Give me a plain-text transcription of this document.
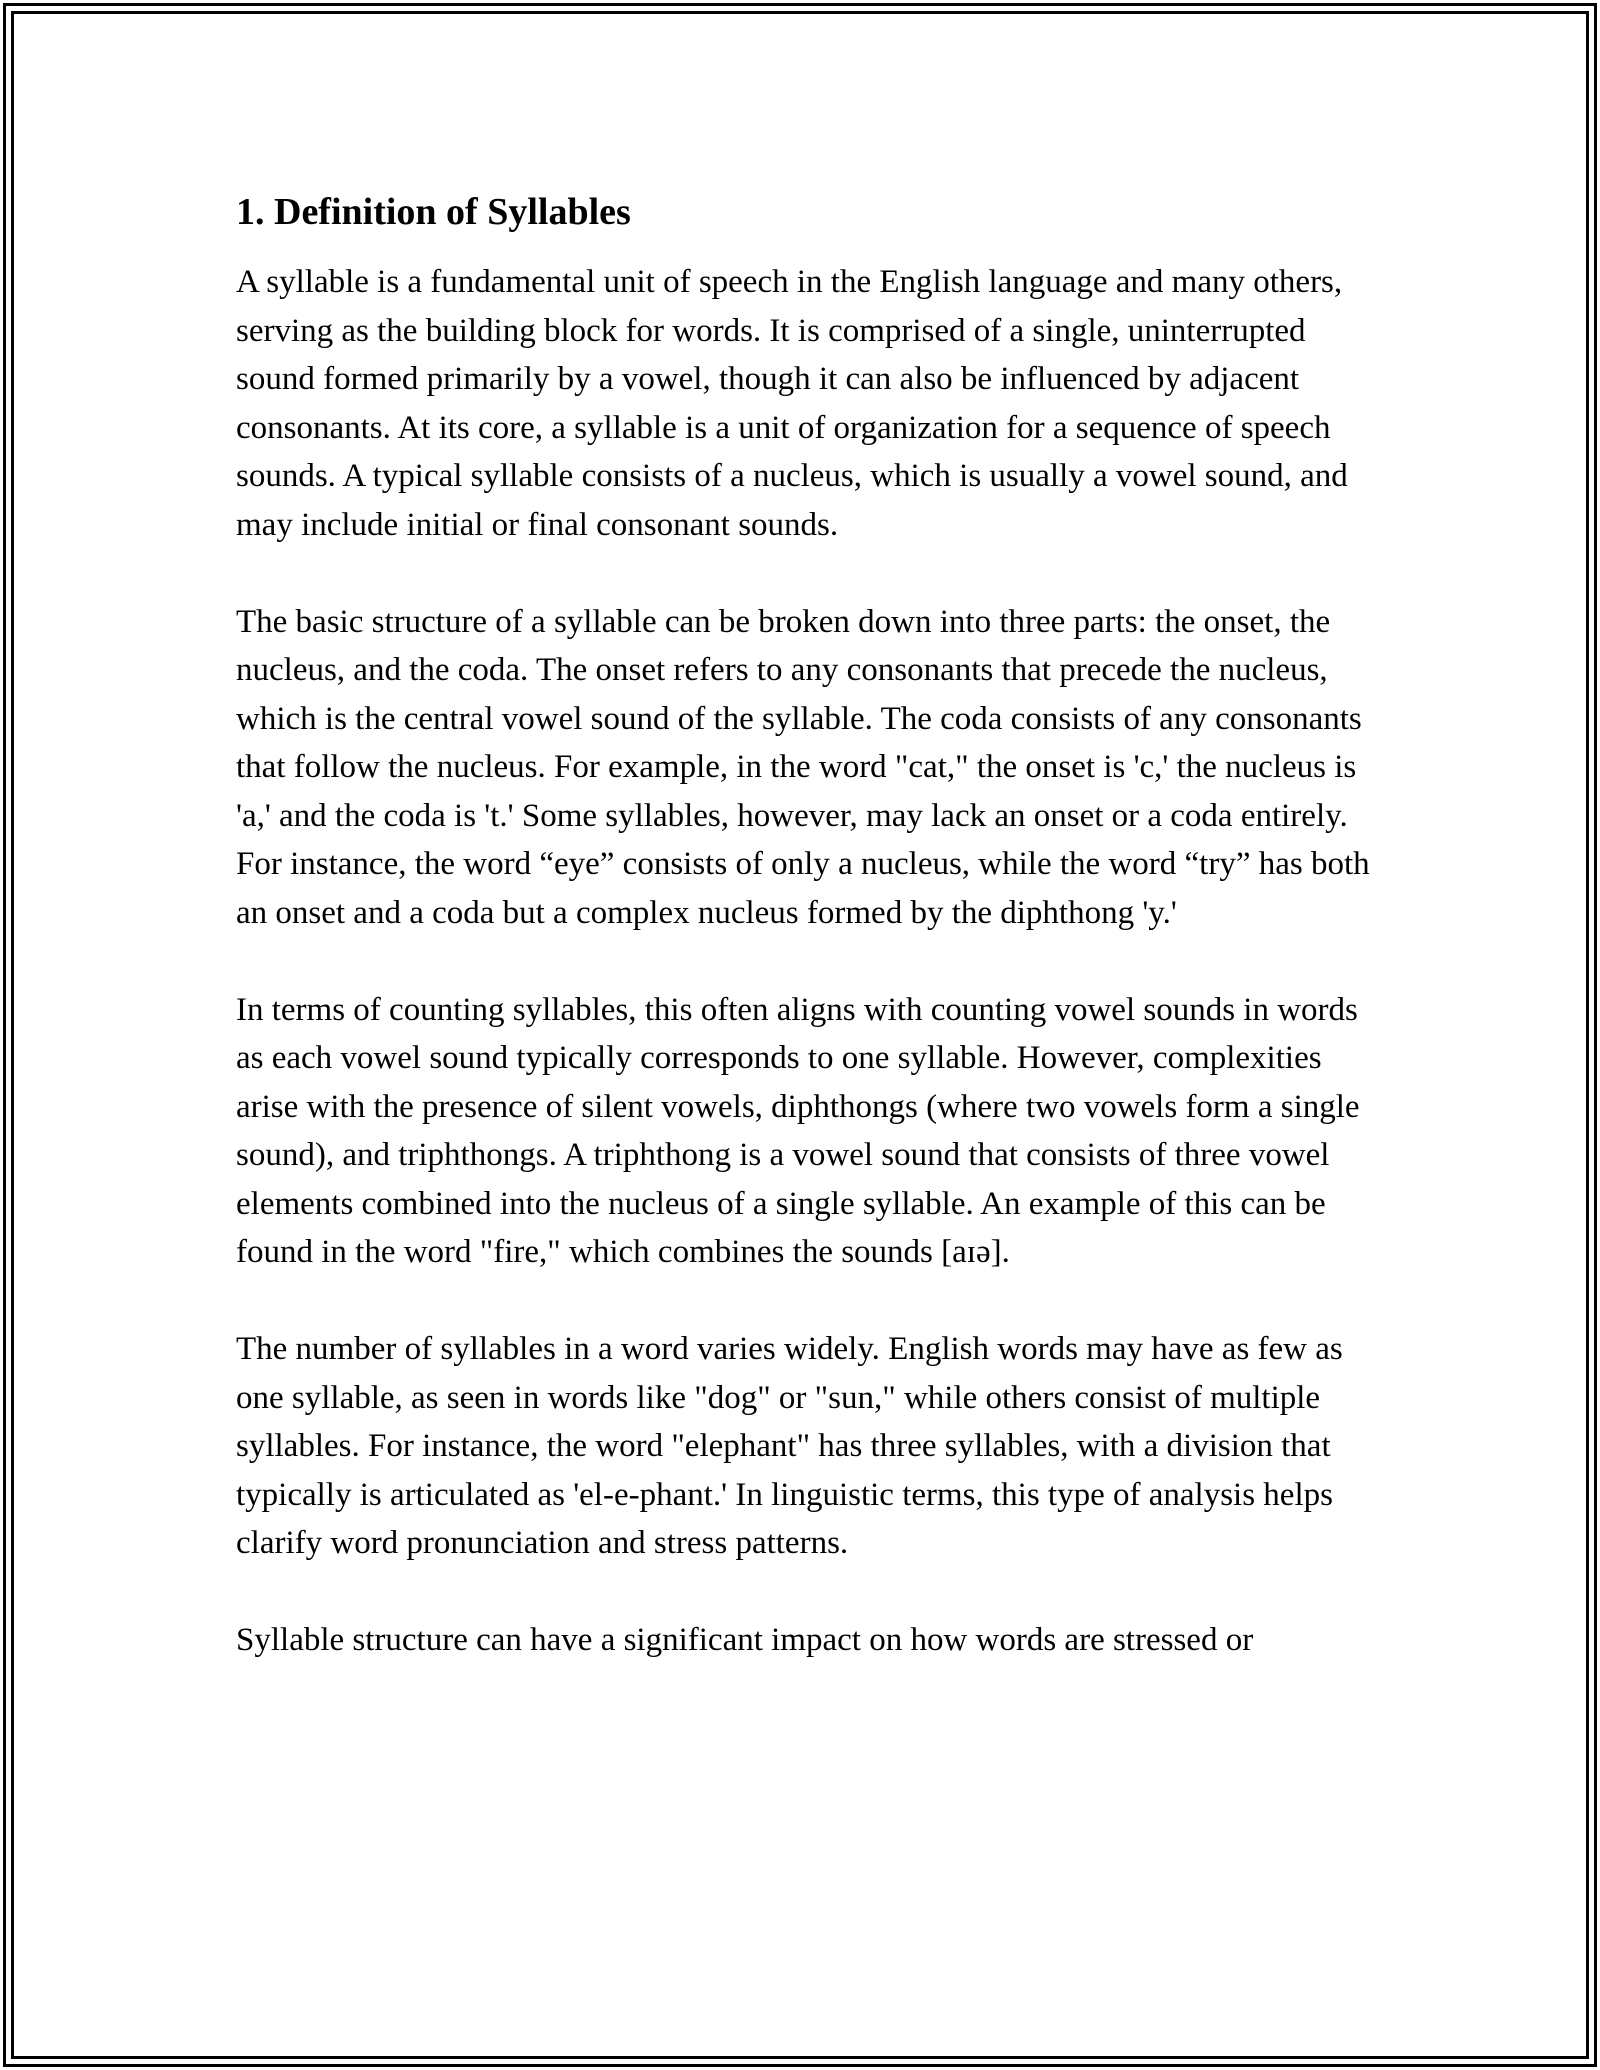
1. Definition of Syllables

A syllable is a fundamental unit of speech in the English language and many others, serving as the building block for words. It is comprised of a single, uninterrupted sound formed primarily by a vowel, though it can also be influenced by adjacent consonants. At its core, a syllable is a unit of organization for a sequence of speech sounds. A typical syllable consists of a nucleus, which is usually a vowel sound, and may include initial or final consonant sounds.

The basic structure of a syllable can be broken down into three parts: the onset, the nucleus, and the coda. The onset refers to any consonants that precede the nucleus, which is the central vowel sound of the syllable. The coda consists of any consonants that follow the nucleus. For example, in the word "cat," the onset is 'c,' the nucleus is 'a,' and the coda is 't.' Some syllables, however, may lack an onset or a coda entirely. For instance, the word “eye” consists of only a nucleus, while the word “try” has both an onset and a coda but a complex nucleus formed by the diphthong 'y.'

In terms of counting syllables, this often aligns with counting vowel sounds in words as each vowel sound typically corresponds to one syllable. However, complexities arise with the presence of silent vowels, diphthongs (where two vowels form a single sound), and triphthongs. A triphthong is a vowel sound that consists of three vowel elements combined into the nucleus of a single syllable. An example of this can be found in the word "fire," which combines the sounds [aɪə].

The number of syllables in a word varies widely. English words may have as few as one syllable, as seen in words like "dog" or "sun," while others consist of multiple syllables. For instance, the word "elephant" has three syllables, with a division that typically is articulated as 'el-e-phant.' In linguistic terms, this type of analysis helps clarify word pronunciation and stress patterns.

Syllable structure can have a significant impact on how words are stressed or
